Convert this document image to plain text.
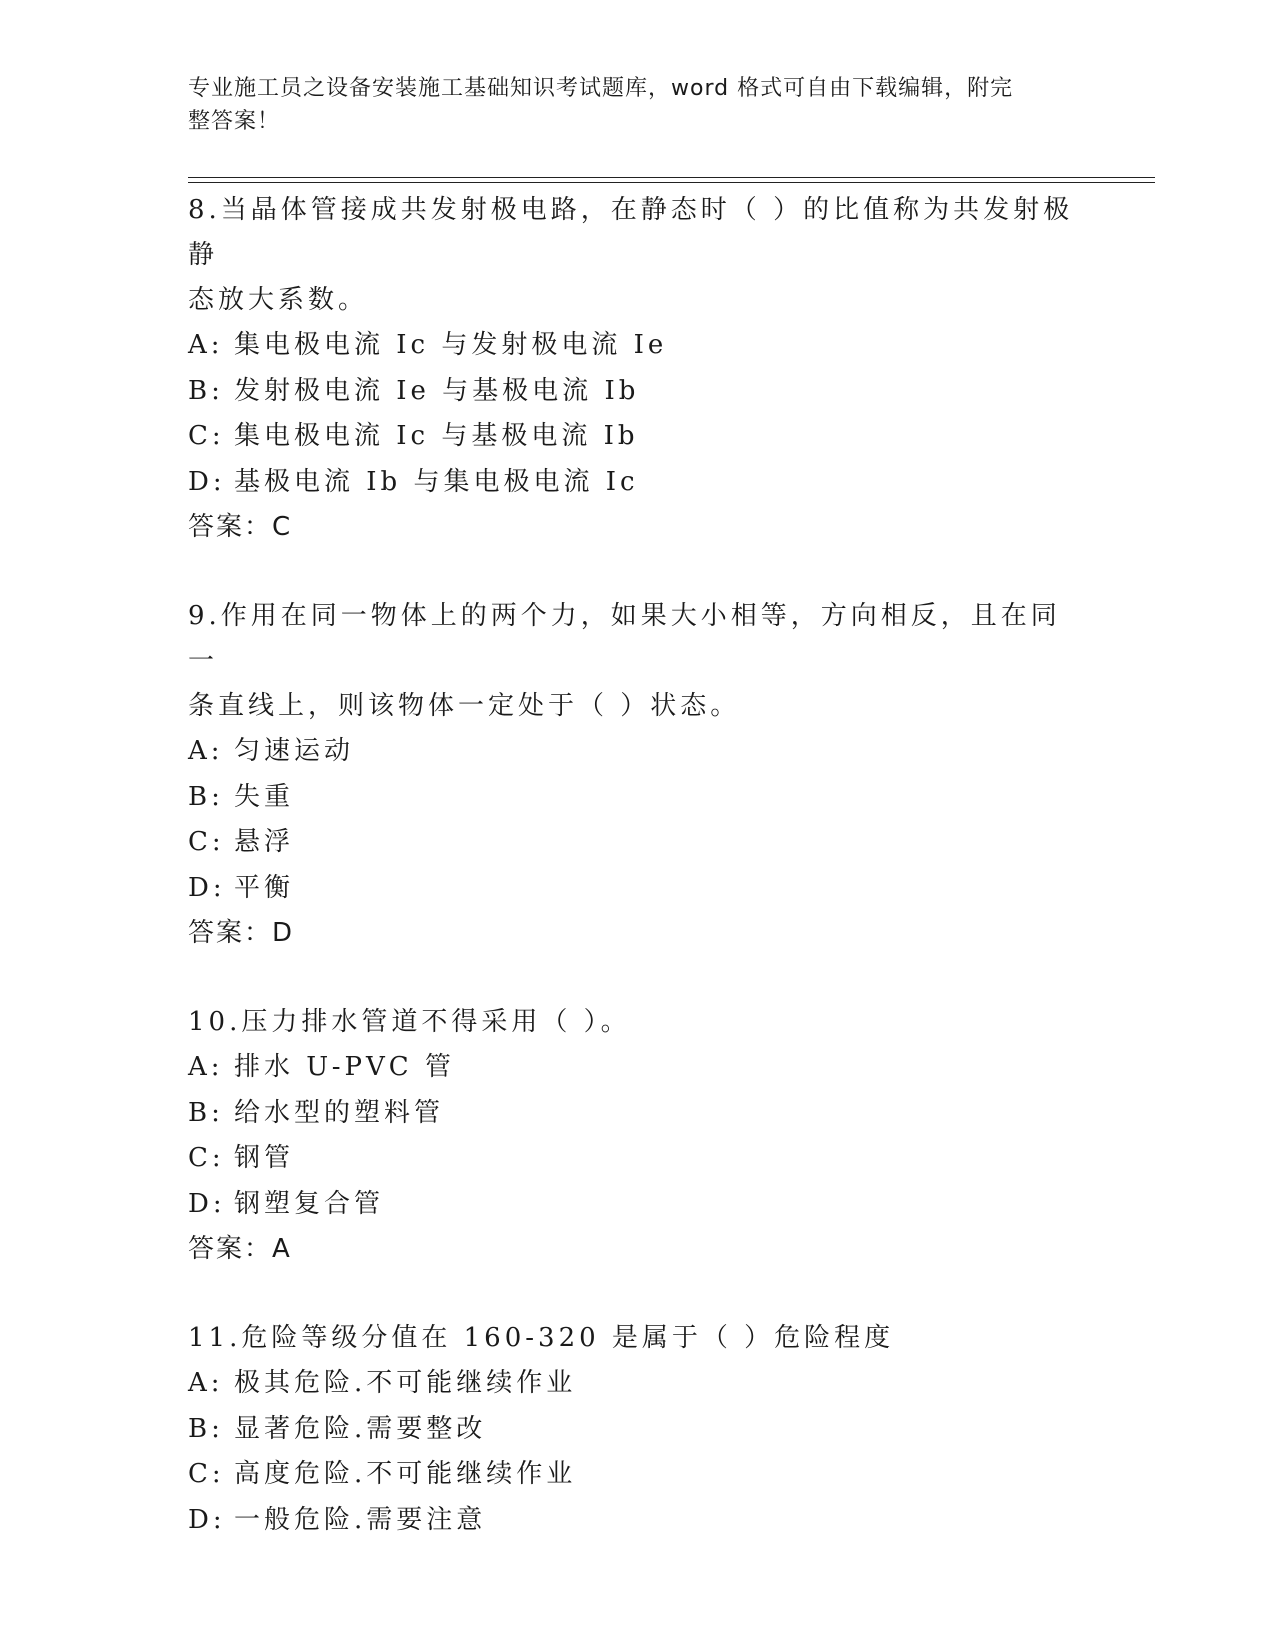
专业施工员之设备安装施工基础知识考试题库，word 格式可自由下载编辑，附完
整答案！
8.当晶体管接成共发射极电路，在静态时（ ）的比值称为共发射极静
态放大系数。
A: 集电极电流 Ic 与发射极电流 Ie
B: 发射极电流 Ie 与基极电流 Ib
C: 集电极电流 Ic 与基极电流 Ib
D: 基极电流 Ib 与集电极电流 Ic
答案：C
9.作用在同一物体上的两个力，如果大小相等，方向相反，且在同一
条直线上，则该物体一定处于（ ）状态。
A: 匀速运动
B: 失重
C: 悬浮
D: 平衡
答案：D
10.压力排水管道不得采用（ ）。
A: 排水 U-PVC 管
B: 给水型的塑料管
C: 钢管
D: 钢塑复合管
答案：A
11.危险等级分值在 160-320 是属于（ ）危险程度
A: 极其危险.不可能继续作业
B: 显著危险.需要整改
C: 高度危险.不可能继续作业
D: 一般危险.需要注意
